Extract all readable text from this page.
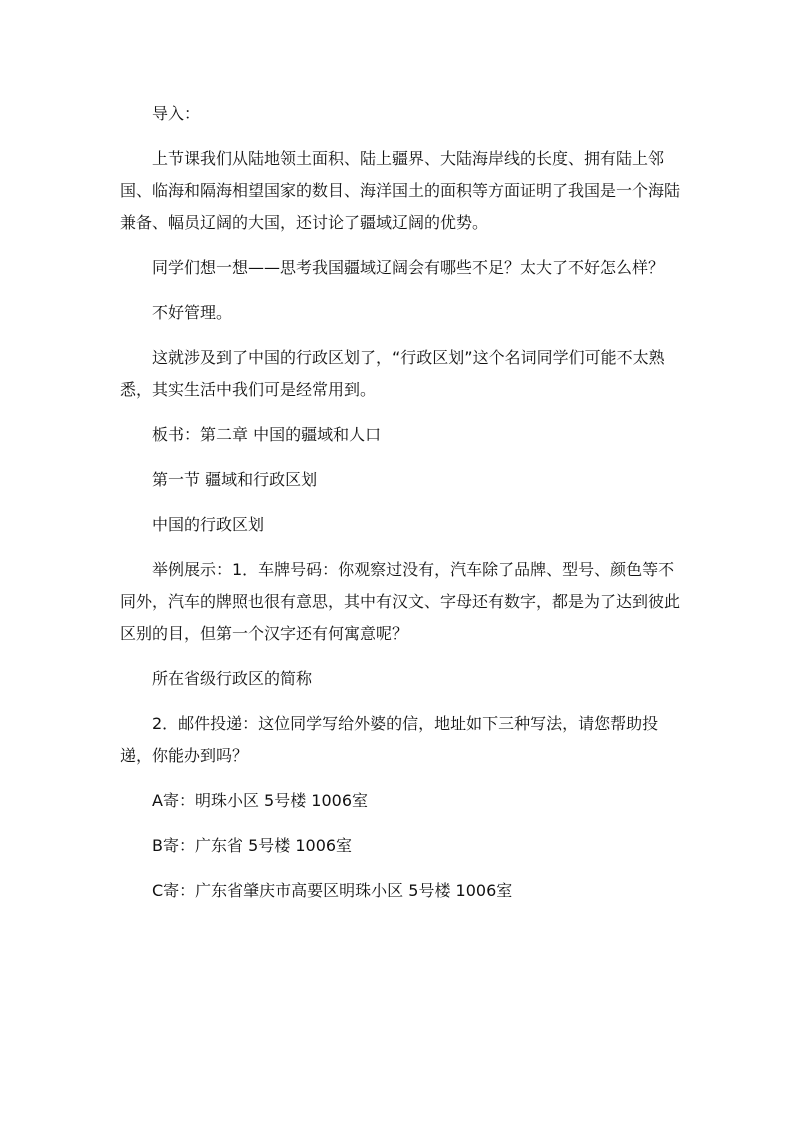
导入：

上节课我们从陆地领土面积、陆上疆界、大陆海岸线的长度、拥有陆上邻国、临海和隔海相望国家的数目、海洋国土的面积等方面证明了我国是一个海陆兼备、幅员辽阔的大国，还讨论了疆域辽阔的优势。

同学们想一想——思考我国疆域辽阔会有哪些不足？太大了不好怎么样？

不好管理。

这就涉及到了中国的行政区划了，“行政区划”这个名词同学们可能不太熟悉，其实生活中我们可是经常用到。

板书：第二章 中国的疆域和人口

第一节 疆域和行政区划

中国的行政区划

举例展示：1．车牌号码：你观察过没有，汽车除了品牌、型号、颜色等不同外，汽车的牌照也很有意思，其中有汉文、字母还有数字，都是为了达到彼此区别的目，但第一个汉字还有何寓意呢？

所在省级行政区的简称

2．邮件投递：这位同学写给外婆的信，地址如下三种写法，请您帮助投递，你能办到吗？

A寄：明珠小区 5号楼 1006室

B寄：广东省 5号楼 1006室

C寄：广东省肇庆市高要区明珠小区 5号楼 1006室
